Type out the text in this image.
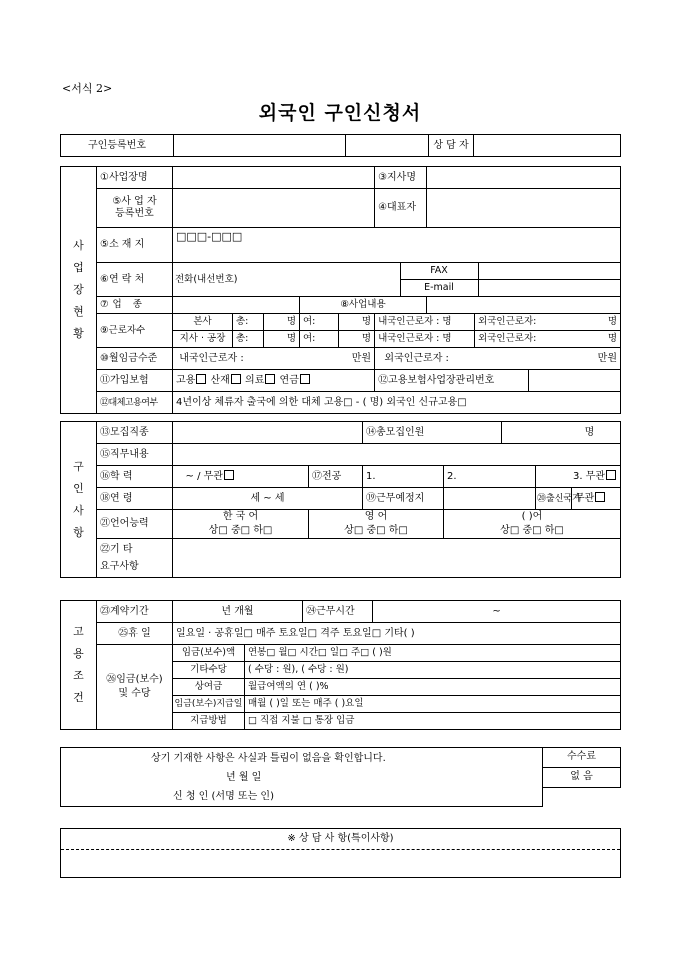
<서식 2>
외국인 구인신청서
구인등록번호			상 담 자	
사업장현황	①사업장명		③지사명	
⑤사 업 자
등록번호		④대표자	
⑤소 재 지	□□□-□□□
⑥연 락 처		전화(내선번호)	FAX	
E-mail	

⑦업 종		⑧사업내용	
⑨근로자수	본사	총:	명	여:	명	내국인근로자 : 명	외국인근로자:	명

지사 · 공장	총:	명	여:	명	내국인근로자 : 명	외국인근로자:	명

⑩월임금수준	내국인근로자 :	만원	외국인근로자 :	만원

⑪가입보험	고용 산재 의료 연금	⑫고용보험사업장관리번호	
⑫대체고용여부	4년이상 체류자 출국에 의한 대체 고용□ - ( 명) 외국인 신규고용□
구인사항	⑬모집직종			⑭총모집인원		명		
	⑮직무내용							
	⑯학 력	~ / 무관	⑰전공	1.	2.		3. 무관	
	⑱연 령	세 ~ 세		⑲근무예정지			⑳출신국가	무관
	㉑언어능력	한 국 어	영 어		( )어			
		상□ 중□ 하□	상□ 중□ 하□		상□ 중□ 하□			
	㉒기 타
요구사항							
고용조건	㉓계약기간	년 개월		㉔근무시간	~
	㉕휴 일	일요일 · 공휴일□ 매주 토요일□ 격주 토요일□ 기타( )			
	㉖임금(보수)
및 수당	임금(보수)액	연봉□ 월□ 시간□ 일□ 주□ ( )원		
		기타수당	( 수당 : 원), ( 수당 : 원)		
		상여금	월급여액의 연 ( )%		
		임금(보수)지급일	매월 ( )일 또는 매주 ( )요일		
		지급방법	□ 직접 지불 □ 통장 입금		
상기 기재한 사항은 사실과 틀림이 없음을 확인합니다.
년 월 일
신 청 인 (서명 또는 인)
	수수료
없 음

※ 상 담 사 항(특이사항)
